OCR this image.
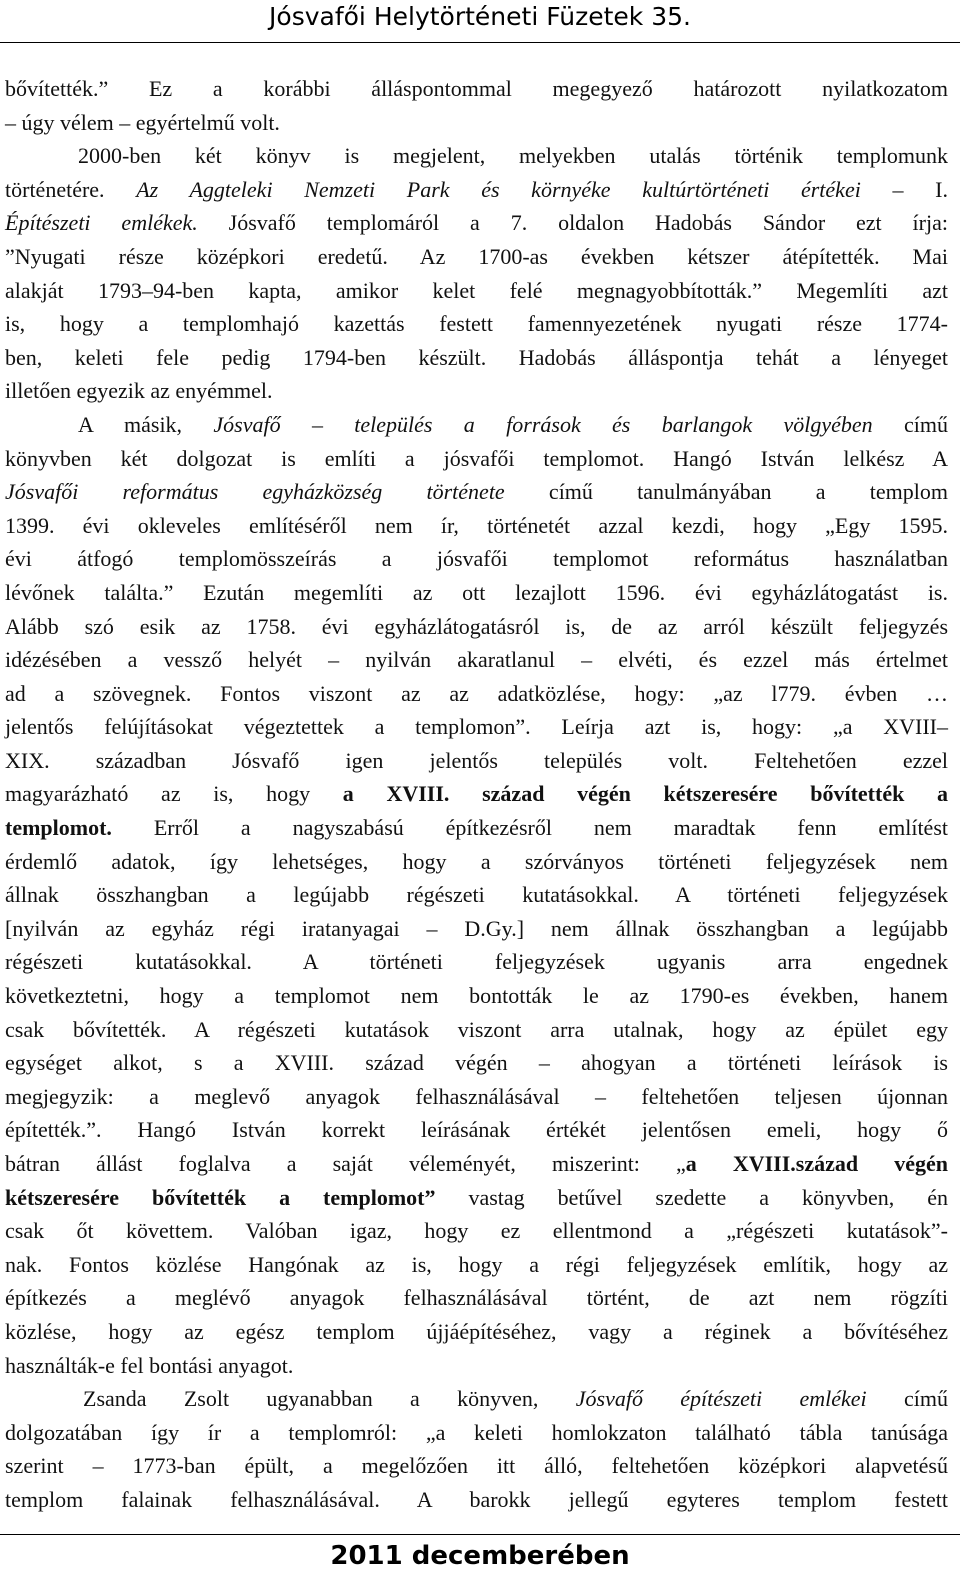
Jósvafői Helytörténeti Füzetek 35.
bővítették.” Ez a korábbi álláspontommal megegyező határozott nyilatkozatom
– úgy vélem – egyértelmű volt.
2000-ben két könyv is megjelent, melyekben utalás történik templomunk
történetére. Az Aggteleki Nemzeti Park és környéke kultúrtörténeti értékei – I.
Építészeti emlékek. Jósvafő templomáról a 7. oldalon Hadobás Sándor ezt írja:
”Nyugati része középkori eredetű. Az 1700-as években kétszer átépítették. Mai
alakját 1793–94-ben kapta, amikor kelet felé megnagyobbították.” Megemlíti azt
is, hogy a templomhajó kazettás festett famennyezetének nyugati része 1774-
ben, keleti fele pedig 1794-ben készült. Hadobás álláspontja tehát a lényeget
illetően egyezik az enyémmel.
A másik, Jósvafő – település a források és barlangok völgyében című
könyvben két dolgozat is említi a jósvafői templomot. Hangó István lelkész A
Jósvafői református egyházközség története című tanulmányában a templom
1399. évi okleveles említéséről nem ír, történetét azzal kezdi, hogy „Egy 1595.
évi átfogó templomösszeírás a jósvafői templomot református használatban
lévőnek találta.” Ezután megemlíti az ott lezajlott 1596. évi egyházlátogatást is.
Alább szó esik az 1758. évi egyházlátogatásról is, de az arról készült feljegyzés
idézésében a vessző helyét – nyilván akaratlanul – elvéti, és ezzel más értelmet
ad a szövegnek. Fontos viszont az az adatközlése, hogy: „az l779. évben …
jelentős felújításokat végeztettek a templomon”. Leírja azt is, hogy: „a XVIII–
XIX. században Jósvafő igen jelentős település volt. Feltehetően ezzel
magyarázható az is, hogy a XVIII. század végén kétszeresére bővítették a
templomot. Erről a nagyszabású építkezésről nem maradtak fenn említést
érdemlő adatok, így lehetséges, hogy a szórványos történeti feljegyzések nem
állnak összhangban a legújabb régészeti kutatásokkal. A történeti feljegyzések
[nyilván az egyház régi iratanyagai – D.Gy.] nem állnak összhangban a legújabb
régészeti kutatásokkal. A történeti feljegyzések ugyanis arra engednek
következtetni, hogy a templomot nem bontották le az 1790-es években, hanem
csak bővítették. A régészeti kutatások viszont arra utalnak, hogy az épület egy
egységet alkot, s a XVIII. század végén – ahogyan a történeti leírások is
megjegyzik: a meglevő anyagok felhasználásával – feltehetően teljesen újonnan
építették.”. Hangó István korrekt leírásának értékét jelentősen emeli, hogy ő
bátran állást foglalva a saját véleményét, miszerint: „a XVIII.század végén
kétszeresére bővítették a templomot” vastag betűvel szedette a könyvben, én
csak őt követtem. Valóban igaz, hogy ez ellentmond a „régészeti kutatások”-
nak. Fontos közlése Hangónak az is, hogy a régi feljegyzések említik, hogy az
építkezés a meglévő anyagok felhasználásával történt, de azt nem rögzíti
közlése, hogy az egész templom újjáépítéséhez, vagy a réginek a bővítéséhez
használták-e fel bontási anyagot.
Zsanda Zsolt ugyanabban a könyven, Jósvafő építészeti emlékei című
dolgozatában így ír a templomról: „a keleti homlokzaton található tábla tanúsága
szerint – 1773-ban épült, a megelőzően itt álló, feltehetően középkori alapvetésű
templom falainak felhasználásával. A barokk jellegű egyteres templom festett
2011 decemberében
